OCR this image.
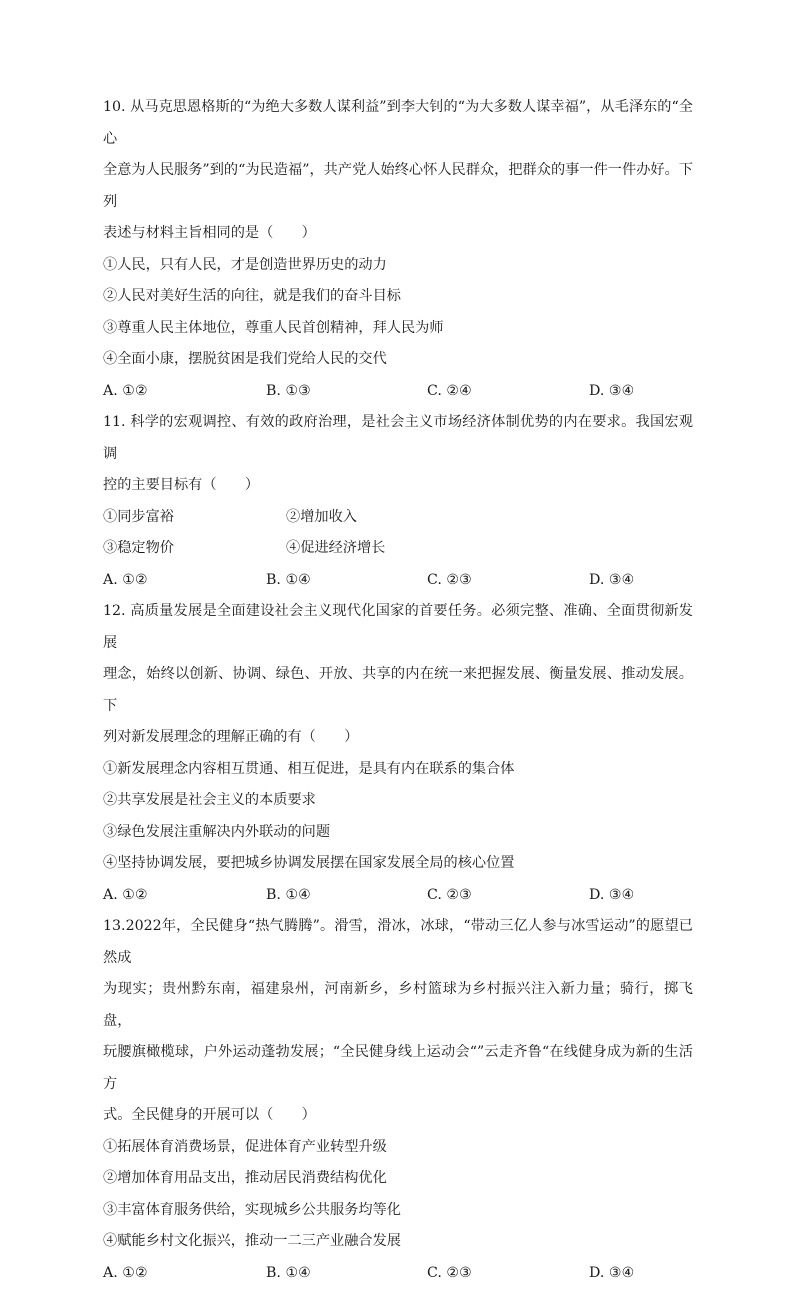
10. 从马克思恩格斯的“为绝大多数人谋利益”到李大钊的“为大多数人谋幸福”，从毛泽东的“全心

全意为人民服务”到的“为民造福”，共产党人始终心怀人民群众，把群众的事一件一件办好。下列

表述与材料主旨相同的是（　　）

①人民，只有人民，才是创造世界历史的动力

②人民对美好生活的向往，就是我们的奋斗目标

③尊重人民主体地位，尊重人民首创精神，拜人民为师

④全面小康，摆脱贫困是我们党给人民的交代

A. ①②	B. ①③	C. ②④	D. ③④

11. 科学的宏观调控、有效的政府治理，是社会主义市场经济体制优势的内在要求。我国宏观调

控的主要目标有（　　）

①同步富裕	②增加收入
③稳定物价	④促进经济增长
A. ①②	B. ①④	C. ②③	D. ③④

12. 高质量发展是全面建设社会主义现代化国家的首要任务。必须完整、准确、全面贯彻新发展

理念，始终以创新、协调、绿色、开放、共享的内在统一来把握发展、衡量发展、推动发展。下

列对新发展理念的理解正确的有（　　）

①新发展理念内容相互贯通、相互促进，是具有内在联系的集合体

②共享发展是社会主义的本质要求

③绿色发展注重解决内外联动的问题

④坚持协调发展，要把城乡协调发展摆在国家发展全局的核心位置

A. ①②	B. ①④	C. ②③	D. ③④

13.2022年，全民健身“热气腾腾”。滑雪，滑冰，冰球，“带动三亿人参与冰雪运动”的愿望已然成

为现实；贵州黔东南，福建泉州，河南新乡，乡村篮球为乡村振兴注入新力量；骑行，掷飞盘，

玩腰旗橄榄球，户外运动蓬勃发展；“全民健身线上运动会“”云走齐鲁“在线健身成为新的生活方

式。全民健身的开展可以（　　）

①拓展体育消费场景，促进体育产业转型升级

②增加体育用品支出，推动居民消费结构优化

③丰富体育服务供给，实现城乡公共服务均等化

④赋能乡村文化振兴，推动一二三产业融合发展

A. ①②	B. ①④	C. ②③	D. ③④
